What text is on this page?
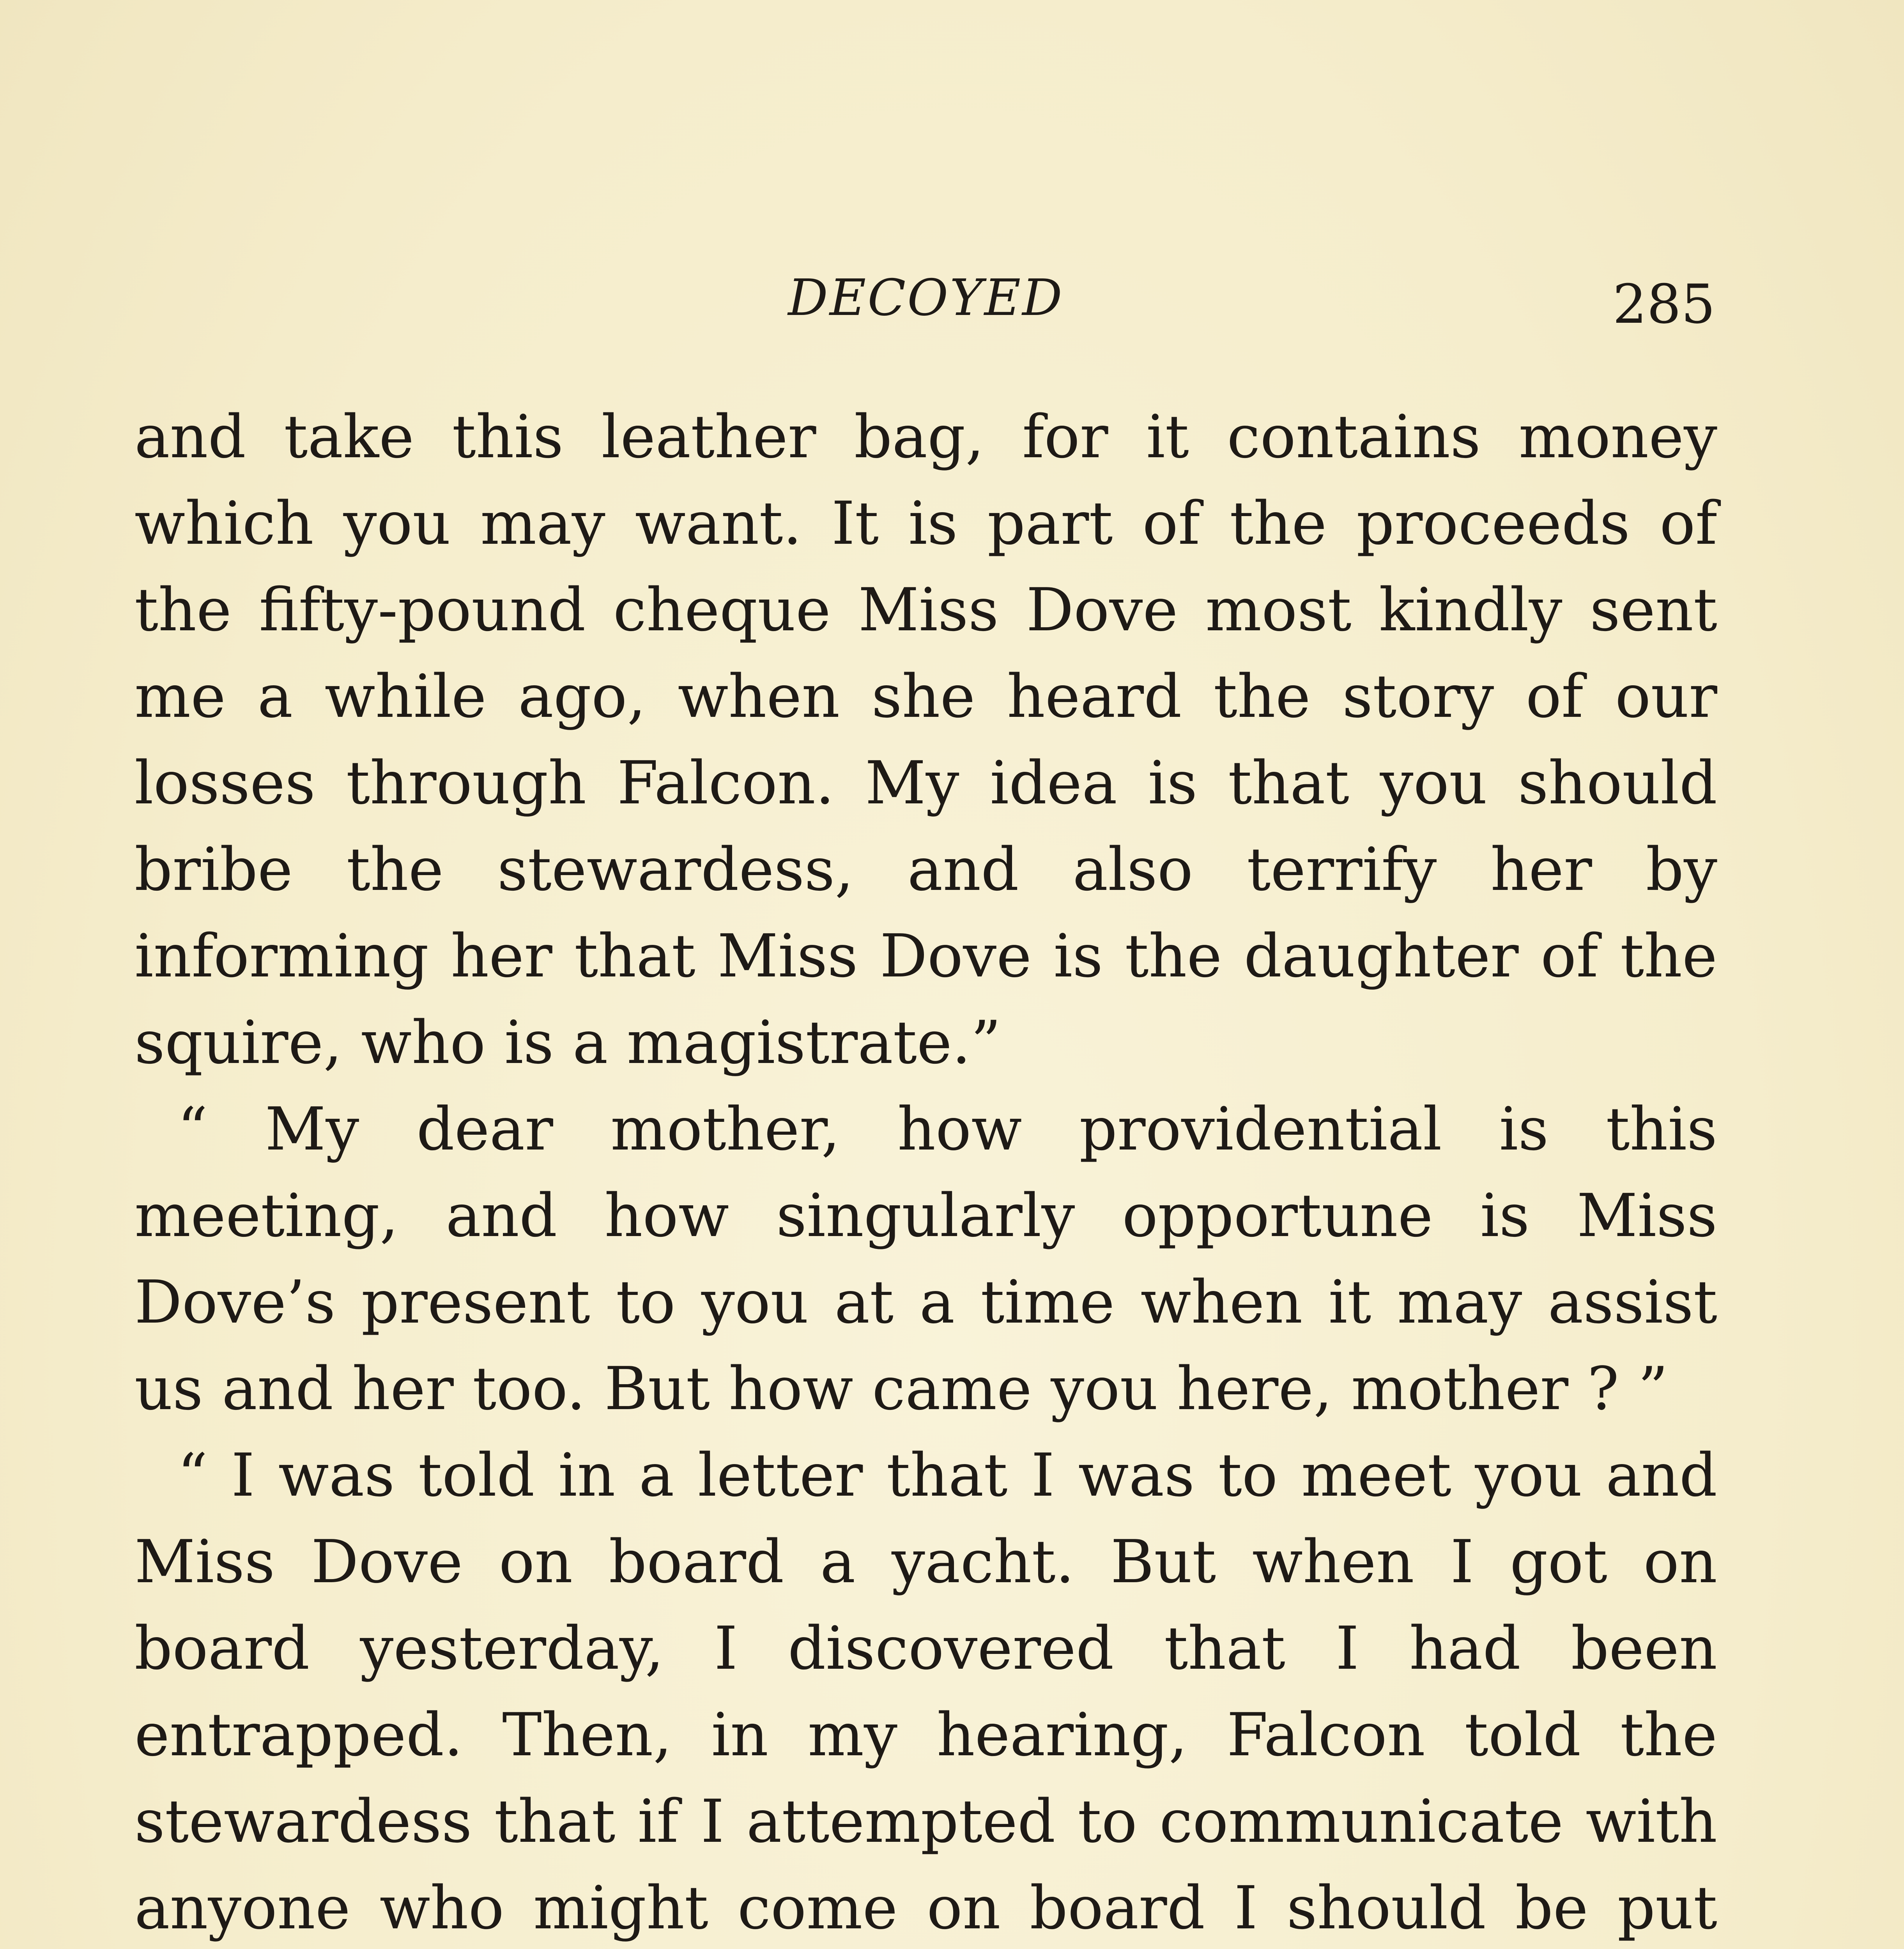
DECOYED	285

and take this leather bag, for it contains money which you may want. It is part of the proceeds of the fifty-pound cheque Miss Dove most kindly sent me a while ago, when she heard the story of our losses through Falcon. My idea is that you should bribe the stewardess, and also terrify her by informing her that Miss Dove is the daughter of the squire, who is a magistrate.”

“ My dear mother, how providential is this meeting, and how singularly opportune is Miss Dove’s present to you at a time when it may assist us and her too. But how came you here, mother ? ”

“ I was told in a letter that I was to meet you and Miss Dove on board a yacht. But when I got on board yesterday, I discovered that I had been entrapped. Then, in my hearing, Falcon told the stewardess that if I attempted to communicate with anyone who might come on board I should be put
